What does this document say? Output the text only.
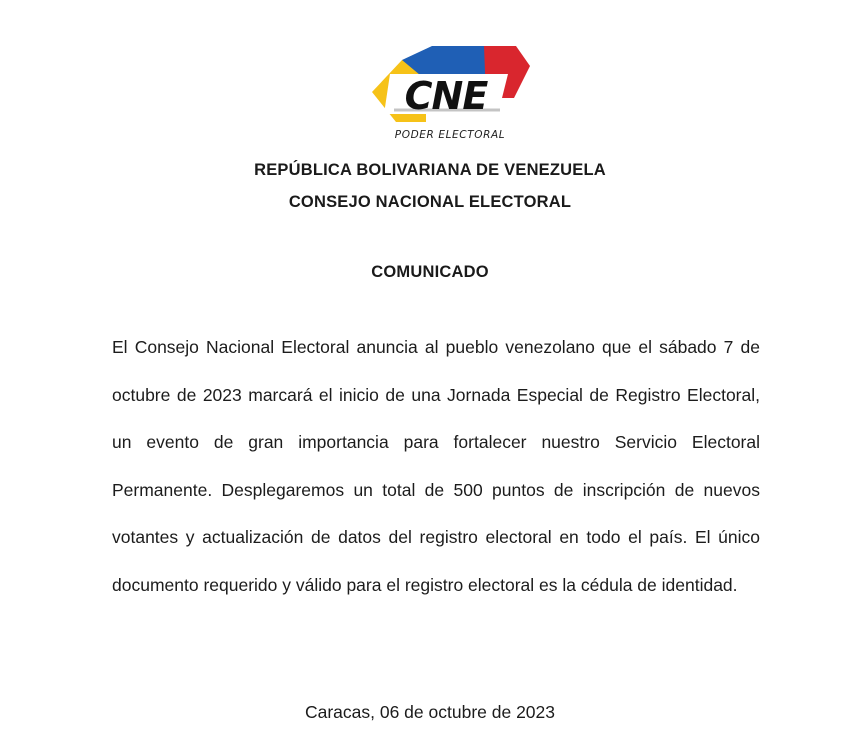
CNE
PODER ELECTORAL

REPÚBLICA BOLIVARIANA DE VENEZUELA

CONSEJO NACIONAL ELECTORAL

COMUNICADO

El Consejo Nacional Electoral anuncia al pueblo venezolano que el sábado 7 de octubre de 2023 marcará el inicio de una Jornada Especial de Registro Electoral, un evento de gran importancia para fortalecer nuestro Servicio Electoral Permanente. Desplegaremos un total de 500 puntos de inscripción de nuevos votantes y actualización de datos del registro electoral en todo el país. El único documento requerido y válido para el registro electoral es la cédula de identidad.

Caracas, 06 de octubre de 2023
